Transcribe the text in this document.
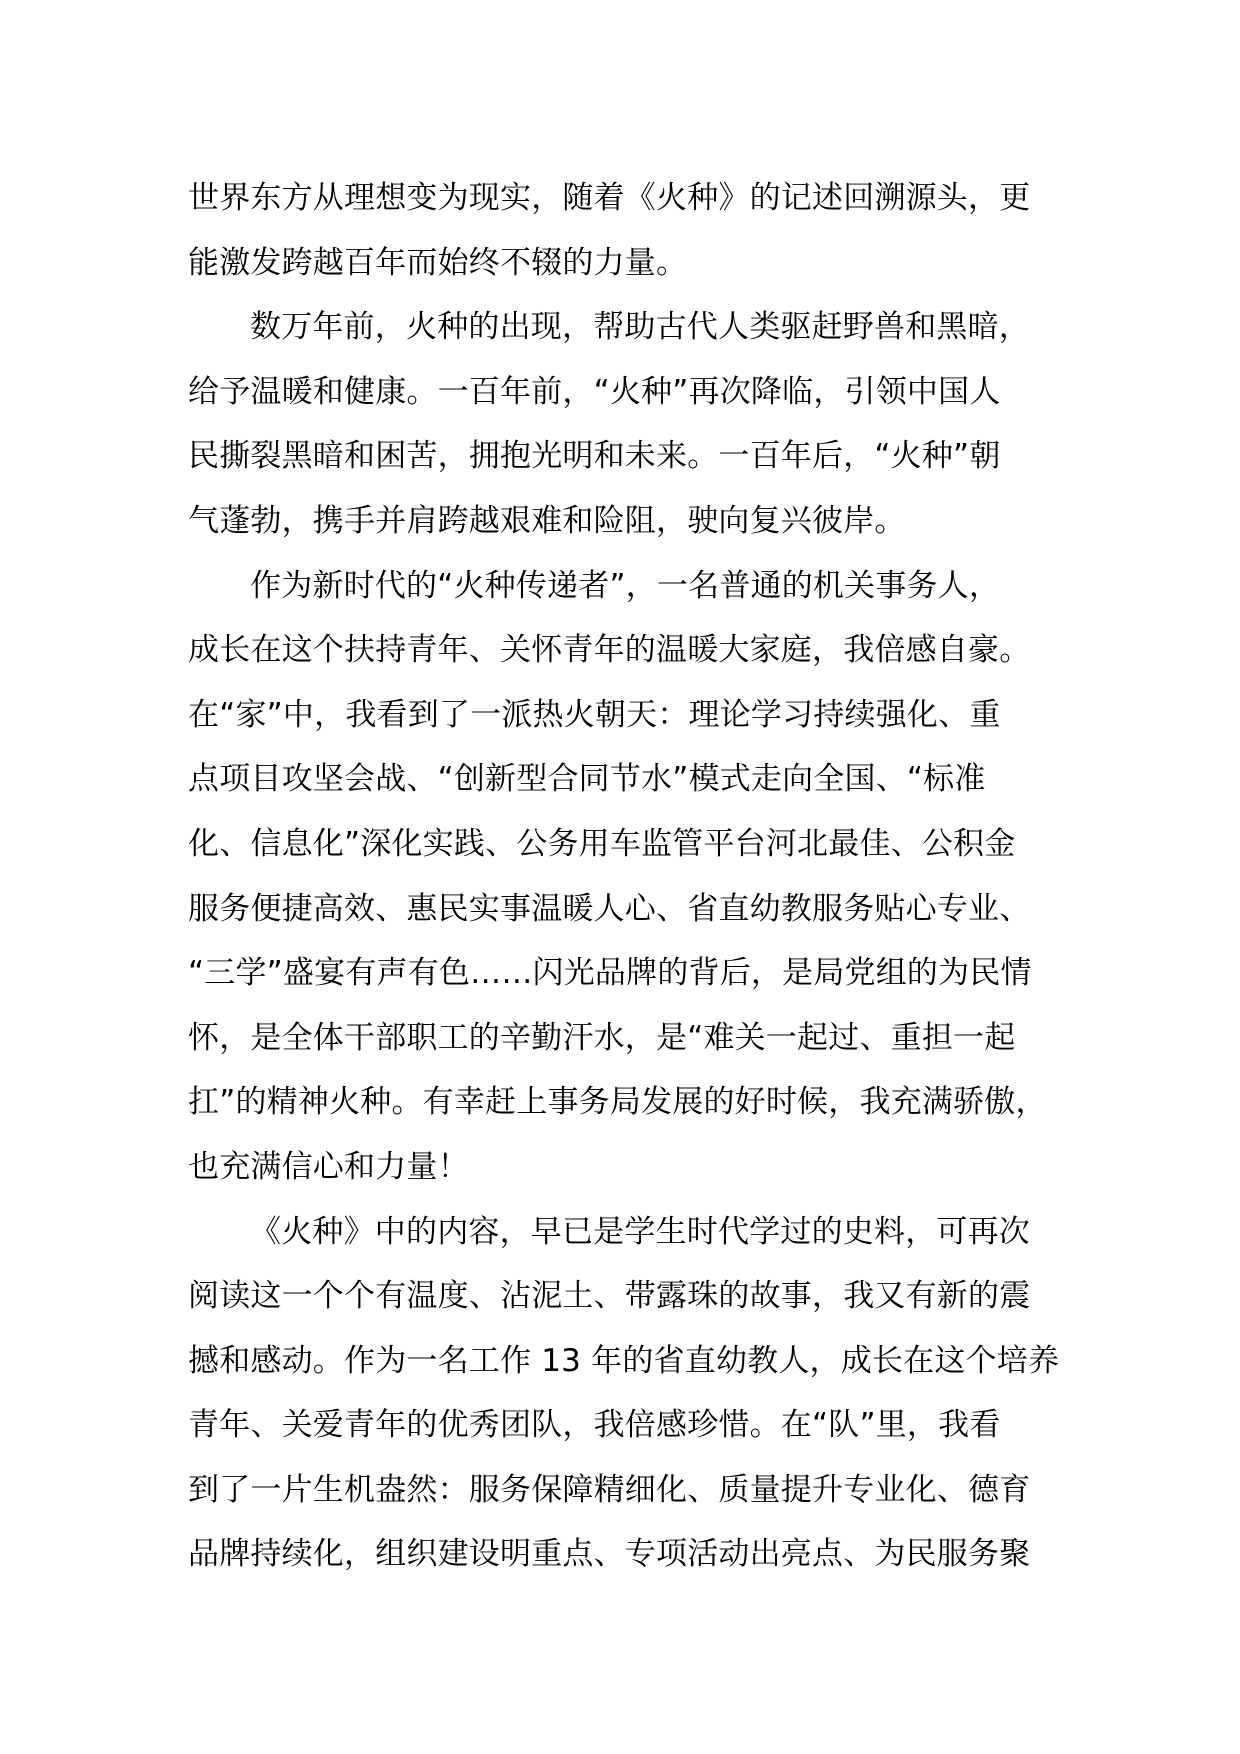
世界东方从理想变为现实，随着《火种》的记述回溯源头，更
能激发跨越百年而始终不辍的力量。
数万年前，火种的出现，帮助古代人类驱赶野兽和黑暗，
给予温暖和健康。一百年前，“火种”再次降临，引领中国人
民撕裂黑暗和困苦，拥抱光明和未来。一百年后，“火种”朝
气蓬勃，携手并肩跨越艰难和险阻，驶向复兴彼岸。
作为新时代的“火种传递者”，一名普通的机关事务人，
成长在这个扶持青年、关怀青年的温暖大家庭，我倍感自豪。
在“家”中，我看到了一派热火朝天：理论学习持续强化、重
点项目攻坚会战、“创新型合同节水”模式走向全国、“标准
化、信息化”深化实践、公务用车监管平台河北最佳、公积金
服务便捷高效、惠民实事温暖人心、省直幼教服务贴心专业、
“三学”盛宴有声有色……闪光品牌的背后，是局党组的为民情
怀，是全体干部职工的辛勤汗水，是“难关一起过、重担一起
扛”的精神火种。有幸赶上事务局发展的好时候，我充满骄傲，
也充满信心和力量！
《火种》中的内容，早已是学生时代学过的史料，可再次
阅读这一个个有温度、沾泥土、带露珠的故事，我又有新的震
撼和感动。作为一名工作 13 年的省直幼教人，成长在这个培养
青年、关爱青年的优秀团队，我倍感珍惜。在“队”里，我看
到了一片生机盎然：服务保障精细化、质量提升专业化、德育
品牌持续化，组织建设明重点、专项活动出亮点、为民服务聚
